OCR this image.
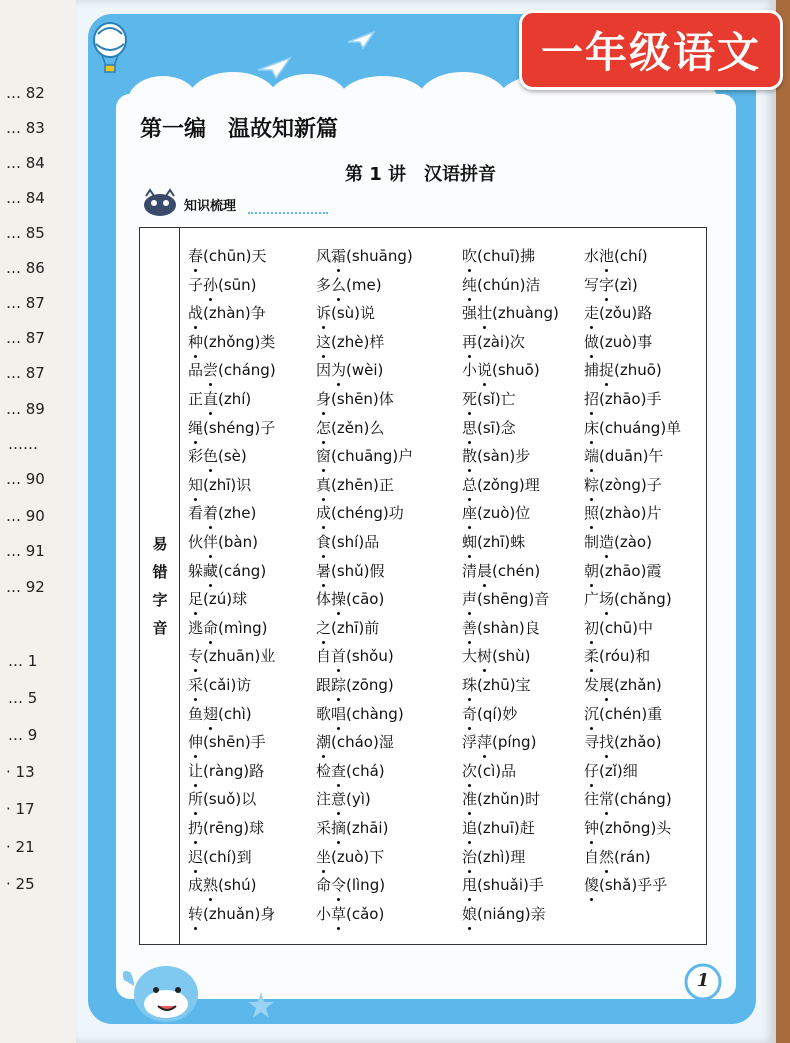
一年级语文
第一编　温故知新篇
第 1 讲　汉语拼音
知识梳理
易
错
字
音
春(chūn)天
子孙(sūn)
战(zhàn)争
种(zhǒng)类
品尝(cháng)
正直(zhí)
绳(shéng)子
彩色(sè)
知(zhī)识
看着(zhe)
伙伴(bàn)
躲藏(cáng)
足(zú)球
逃命(mìng)
专(zhuān)业
采(cǎi)访
鱼翅(chì)
伸(shēn)手
让(ràng)路
所(suǒ)以
扔(rēng)球
迟(chí)到
成熟(shú)
转(zhuǎn)身
风霜(shuāng)
多么(me)
诉(sù)说
这(zhè)样
因为(wèi)
身(shēn)体
怎(zěn)么
窗(chuāng)户
真(zhēn)正
成(chéng)功
食(shí)品
暑(shǔ)假
体操(cāo)
之(zhī)前
自首(shǒu)
跟踪(zōng)
歌唱(chàng)
潮(cháo)湿
检查(chá)
注意(yì)
采摘(zhāi)
坐(zuò)下
命令(lìng)
小草(cǎo)
吹(chuī)拂
纯(chún)洁
强壮(zhuàng)
再(zài)次
小说(shuō)
死(sǐ)亡
思(sī)念
散(sàn)步
总(zǒng)理
座(zuò)位
蜘(zhī)蛛
清晨(chén)
声(shēng)音
善(shàn)良
大树(shù)
珠(zhū)宝
奇(qí)妙
浮萍(píng)
次(cì)品
准(zhǔn)时
追(zhuī)赶
治(zhì)理
甩(shuǎi)手
娘(niáng)亲
水池(chí)
写字(zì)
走(zǒu)路
做(zuò)事
捕捉(zhuō)
招(zhāo)手
床(chuáng)单
端(duān)午
粽(zòng)子
照(zhào)片
制造(zào)
朝(zhāo)霞
广场(chǎng)
初(chū)中
柔(róu)和
发展(zhǎn)
沉(chén)重
寻找(zhǎo)
仔(zǐ)细
往常(cháng)
钟(zhōng)头
自然(rán)
傻(shǎ)乎乎
1
… 82
… 83
… 84
… 84
… 85
… 86
… 87
… 87
… 87
… 89
……
… 90
… 90
… 91
… 92
… 1
… 5
… 9
· 13
· 17
· 21
· 25
